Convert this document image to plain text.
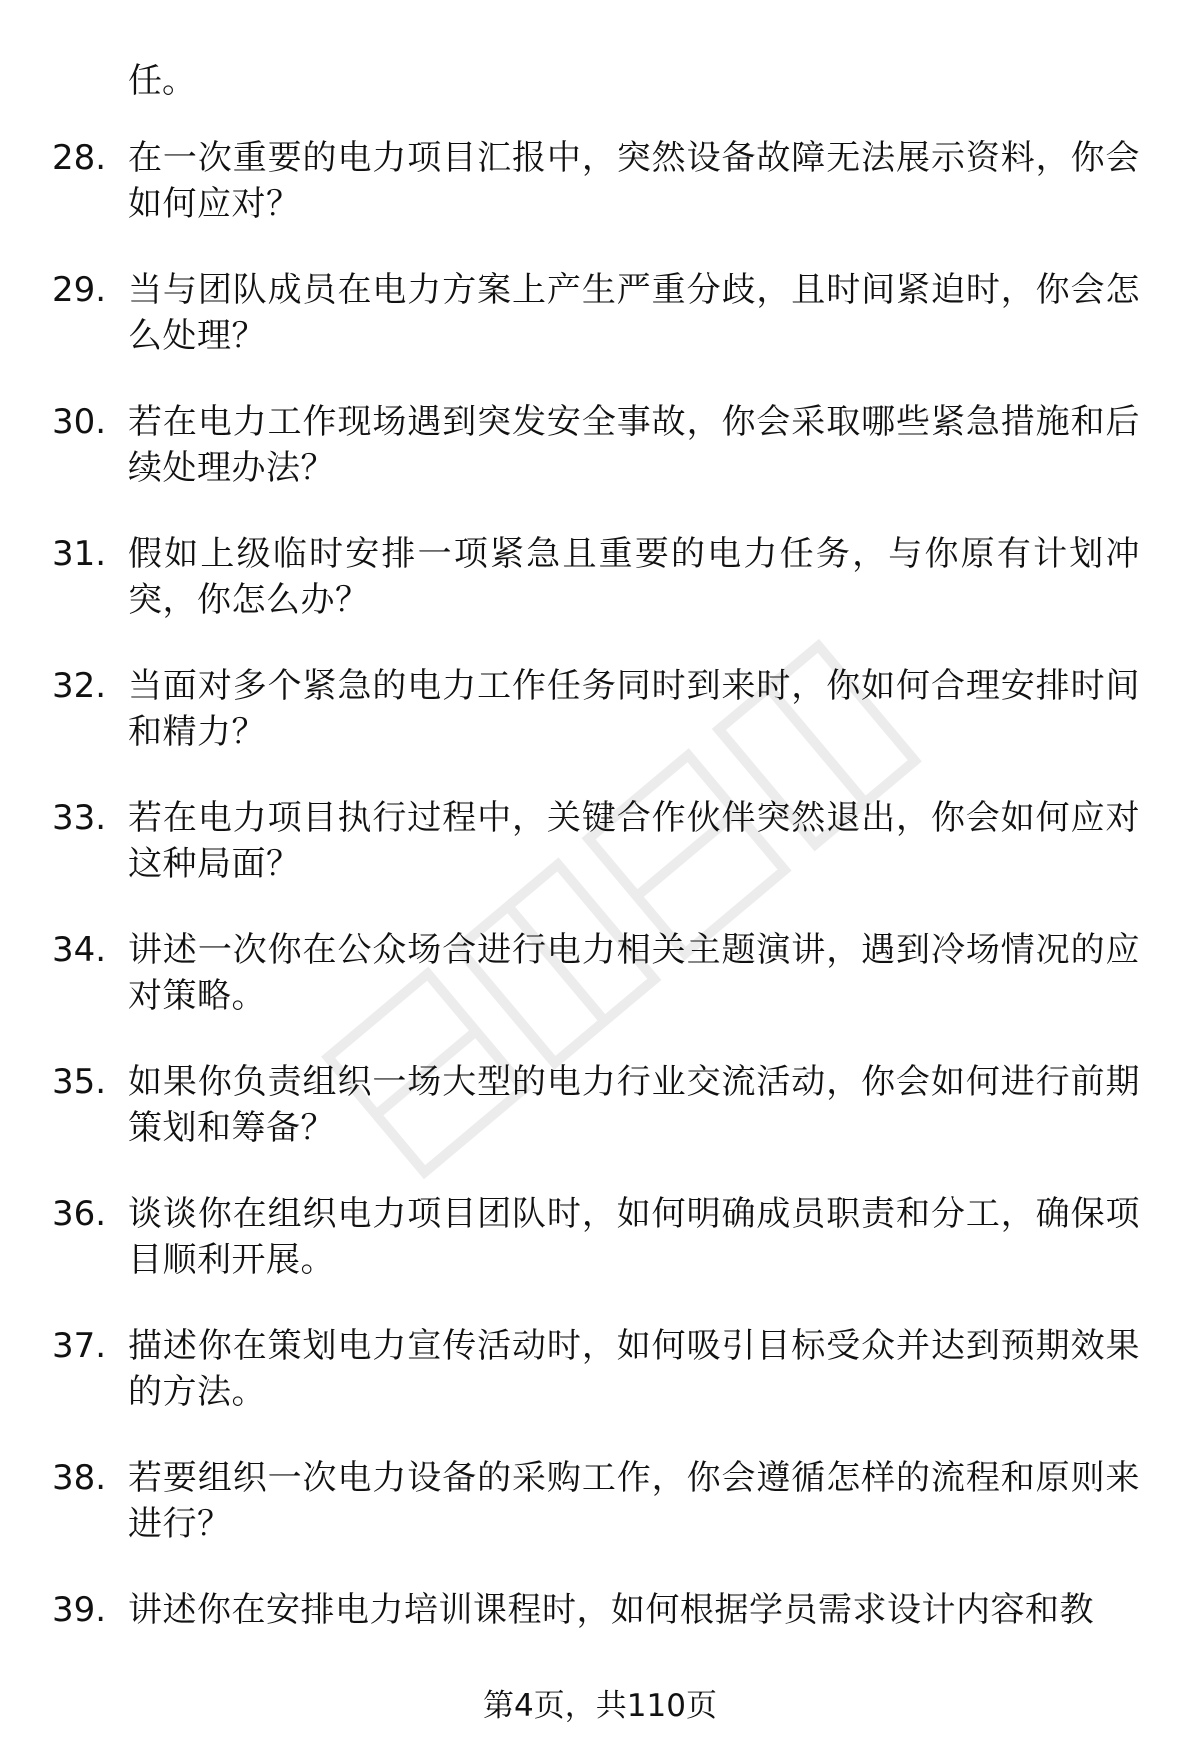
任。

28. 在一次重要的电力项目汇报中，突然设备故障无法展示资料，你会如何应对？

29. 当与团队成员在电力方案上产生严重分歧，且时间紧迫时，你会怎么处理？

30. 若在电力工作现场遇到突发安全事故，你会采取哪些紧急措施和后续处理办法？

31. 假如上级临时安排一项紧急且重要的电力任务，与你原有计划冲突，你怎么办？

32. 当面对多个紧急的电力工作任务同时到来时，你如何合理安排时间和精力？

33. 若在电力项目执行过程中，关键合作伙伴突然退出，你会如何应对这种局面？

34. 讲述一次你在公众场合进行电力相关主题演讲，遇到冷场情况的应对策略。

35. 如果你负责组织一场大型的电力行业交流活动，你会如何进行前期策划和筹备？

36. 谈谈你在组织电力项目团队时，如何明确成员职责和分工，确保项目顺利开展。

37. 描述你在策划电力宣传活动时，如何吸引目标受众并达到预期效果的方法。

38. 若要组织一次电力设备的采购工作，你会遵循怎样的流程和原则来进行？

39. 讲述你在安排电力培训课程时，如何根据学员需求设计内容和教

第4页，共110页
